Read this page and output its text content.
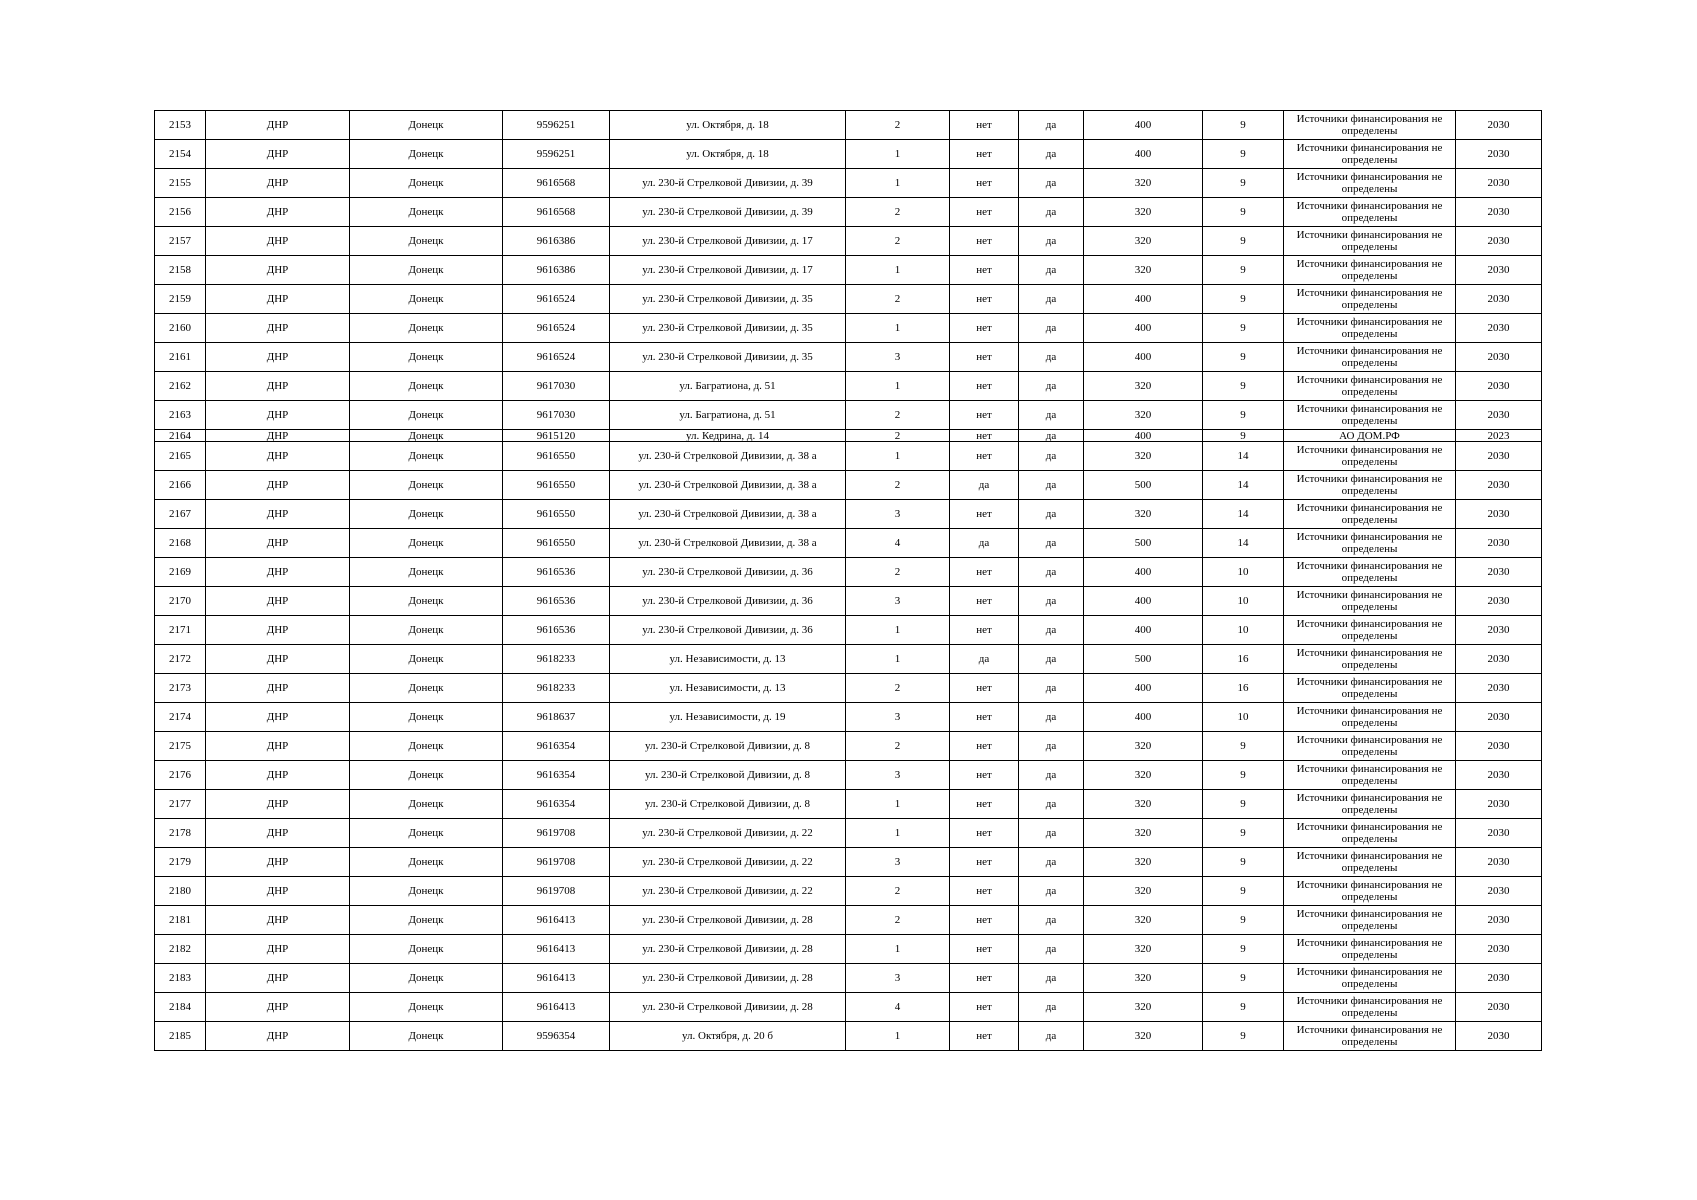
2153	ДНР	Донецк	9596251	ул. Октября, д. 18	2	нет	да	400	9	Источники финансирования не определены	2030
2154	ДНР	Донецк	9596251	ул. Октября, д. 18	1	нет	да	400	9	Источники финансирования не определены	2030
2155	ДНР	Донецк	9616568	ул. 230-й Стрелковой Дивизии, д. 39	1	нет	да	320	9	Источники финансирования не определены	2030
2156	ДНР	Донецк	9616568	ул. 230-й Стрелковой Дивизии, д. 39	2	нет	да	320	9	Источники финансирования не определены	2030
2157	ДНР	Донецк	9616386	ул. 230-й Стрелковой Дивизии, д. 17	2	нет	да	320	9	Источники финансирования не определены	2030
2158	ДНР	Донецк	9616386	ул. 230-й Стрелковой Дивизии, д. 17	1	нет	да	320	9	Источники финансирования не определены	2030
2159	ДНР	Донецк	9616524	ул. 230-й Стрелковой Дивизии, д. 35	2	нет	да	400	9	Источники финансирования не определены	2030
2160	ДНР	Донецк	9616524	ул. 230-й Стрелковой Дивизии, д. 35	1	нет	да	400	9	Источники финансирования не определены	2030
2161	ДНР	Донецк	9616524	ул. 230-й Стрелковой Дивизии, д. 35	3	нет	да	400	9	Источники финансирования не определены	2030
2162	ДНР	Донецк	9617030	ул. Багратиона, д. 51	1	нет	да	320	9	Источники финансирования не определены	2030
2163	ДНР	Донецк	9617030	ул. Багратиона, д. 51	2	нет	да	320	9	Источники финансирования не определены	2030
2164	ДНР	Донецк	9615120	ул. Кедрина, д. 14	2	нет	да	400	9	АО ДОМ.РФ	2023
2165	ДНР	Донецк	9616550	ул. 230-й Стрелковой Дивизии, д. 38 а	1	нет	да	320	14	Источники финансирования не определены	2030
2166	ДНР	Донецк	9616550	ул. 230-й Стрелковой Дивизии, д. 38 а	2	да	да	500	14	Источники финансирования не определены	2030
2167	ДНР	Донецк	9616550	ул. 230-й Стрелковой Дивизии, д. 38 а	3	нет	да	320	14	Источники финансирования не определены	2030
2168	ДНР	Донецк	9616550	ул. 230-й Стрелковой Дивизии, д. 38 а	4	да	да	500	14	Источники финансирования не определены	2030
2169	ДНР	Донецк	9616536	ул. 230-й Стрелковой Дивизии, д. 36	2	нет	да	400	10	Источники финансирования не определены	2030
2170	ДНР	Донецк	9616536	ул. 230-й Стрелковой Дивизии, д. 36	3	нет	да	400	10	Источники финансирования не определены	2030
2171	ДНР	Донецк	9616536	ул. 230-й Стрелковой Дивизии, д. 36	1	нет	да	400	10	Источники финансирования не определены	2030
2172	ДНР	Донецк	9618233	ул. Независимости, д. 13	1	да	да	500	16	Источники финансирования не определены	2030
2173	ДНР	Донецк	9618233	ул. Независимости, д. 13	2	нет	да	400	16	Источники финансирования не определены	2030
2174	ДНР	Донецк	9618637	ул. Независимости, д. 19	3	нет	да	400	10	Источники финансирования не определены	2030
2175	ДНР	Донецк	9616354	ул. 230-й Стрелковой Дивизии, д. 8	2	нет	да	320	9	Источники финансирования не определены	2030
2176	ДНР	Донецк	9616354	ул. 230-й Стрелковой Дивизии, д. 8	3	нет	да	320	9	Источники финансирования не определены	2030
2177	ДНР	Донецк	9616354	ул. 230-й Стрелковой Дивизии, д. 8	1	нет	да	320	9	Источники финансирования не определены	2030
2178	ДНР	Донецк	9619708	ул. 230-й Стрелковой Дивизии, д. 22	1	нет	да	320	9	Источники финансирования не определены	2030
2179	ДНР	Донецк	9619708	ул. 230-й Стрелковой Дивизии, д. 22	3	нет	да	320	9	Источники финансирования не определены	2030
2180	ДНР	Донецк	9619708	ул. 230-й Стрелковой Дивизии, д. 22	2	нет	да	320	9	Источники финансирования не определены	2030
2181	ДНР	Донецк	9616413	ул. 230-й Стрелковой Дивизии, д. 28	2	нет	да	320	9	Источники финансирования не определены	2030
2182	ДНР	Донецк	9616413	ул. 230-й Стрелковой Дивизии, д. 28	1	нет	да	320	9	Источники финансирования не определены	2030
2183	ДНР	Донецк	9616413	ул. 230-й Стрелковой Дивизии, д. 28	3	нет	да	320	9	Источники финансирования не определены	2030
2184	ДНР	Донецк	9616413	ул. 230-й Стрелковой Дивизии, д. 28	4	нет	да	320	9	Источники финансирования не определены	2030
2185	ДНР	Донецк	9596354	ул. Октября, д. 20 б	1	нет	да	320	9	Источники финансирования не определены	2030
